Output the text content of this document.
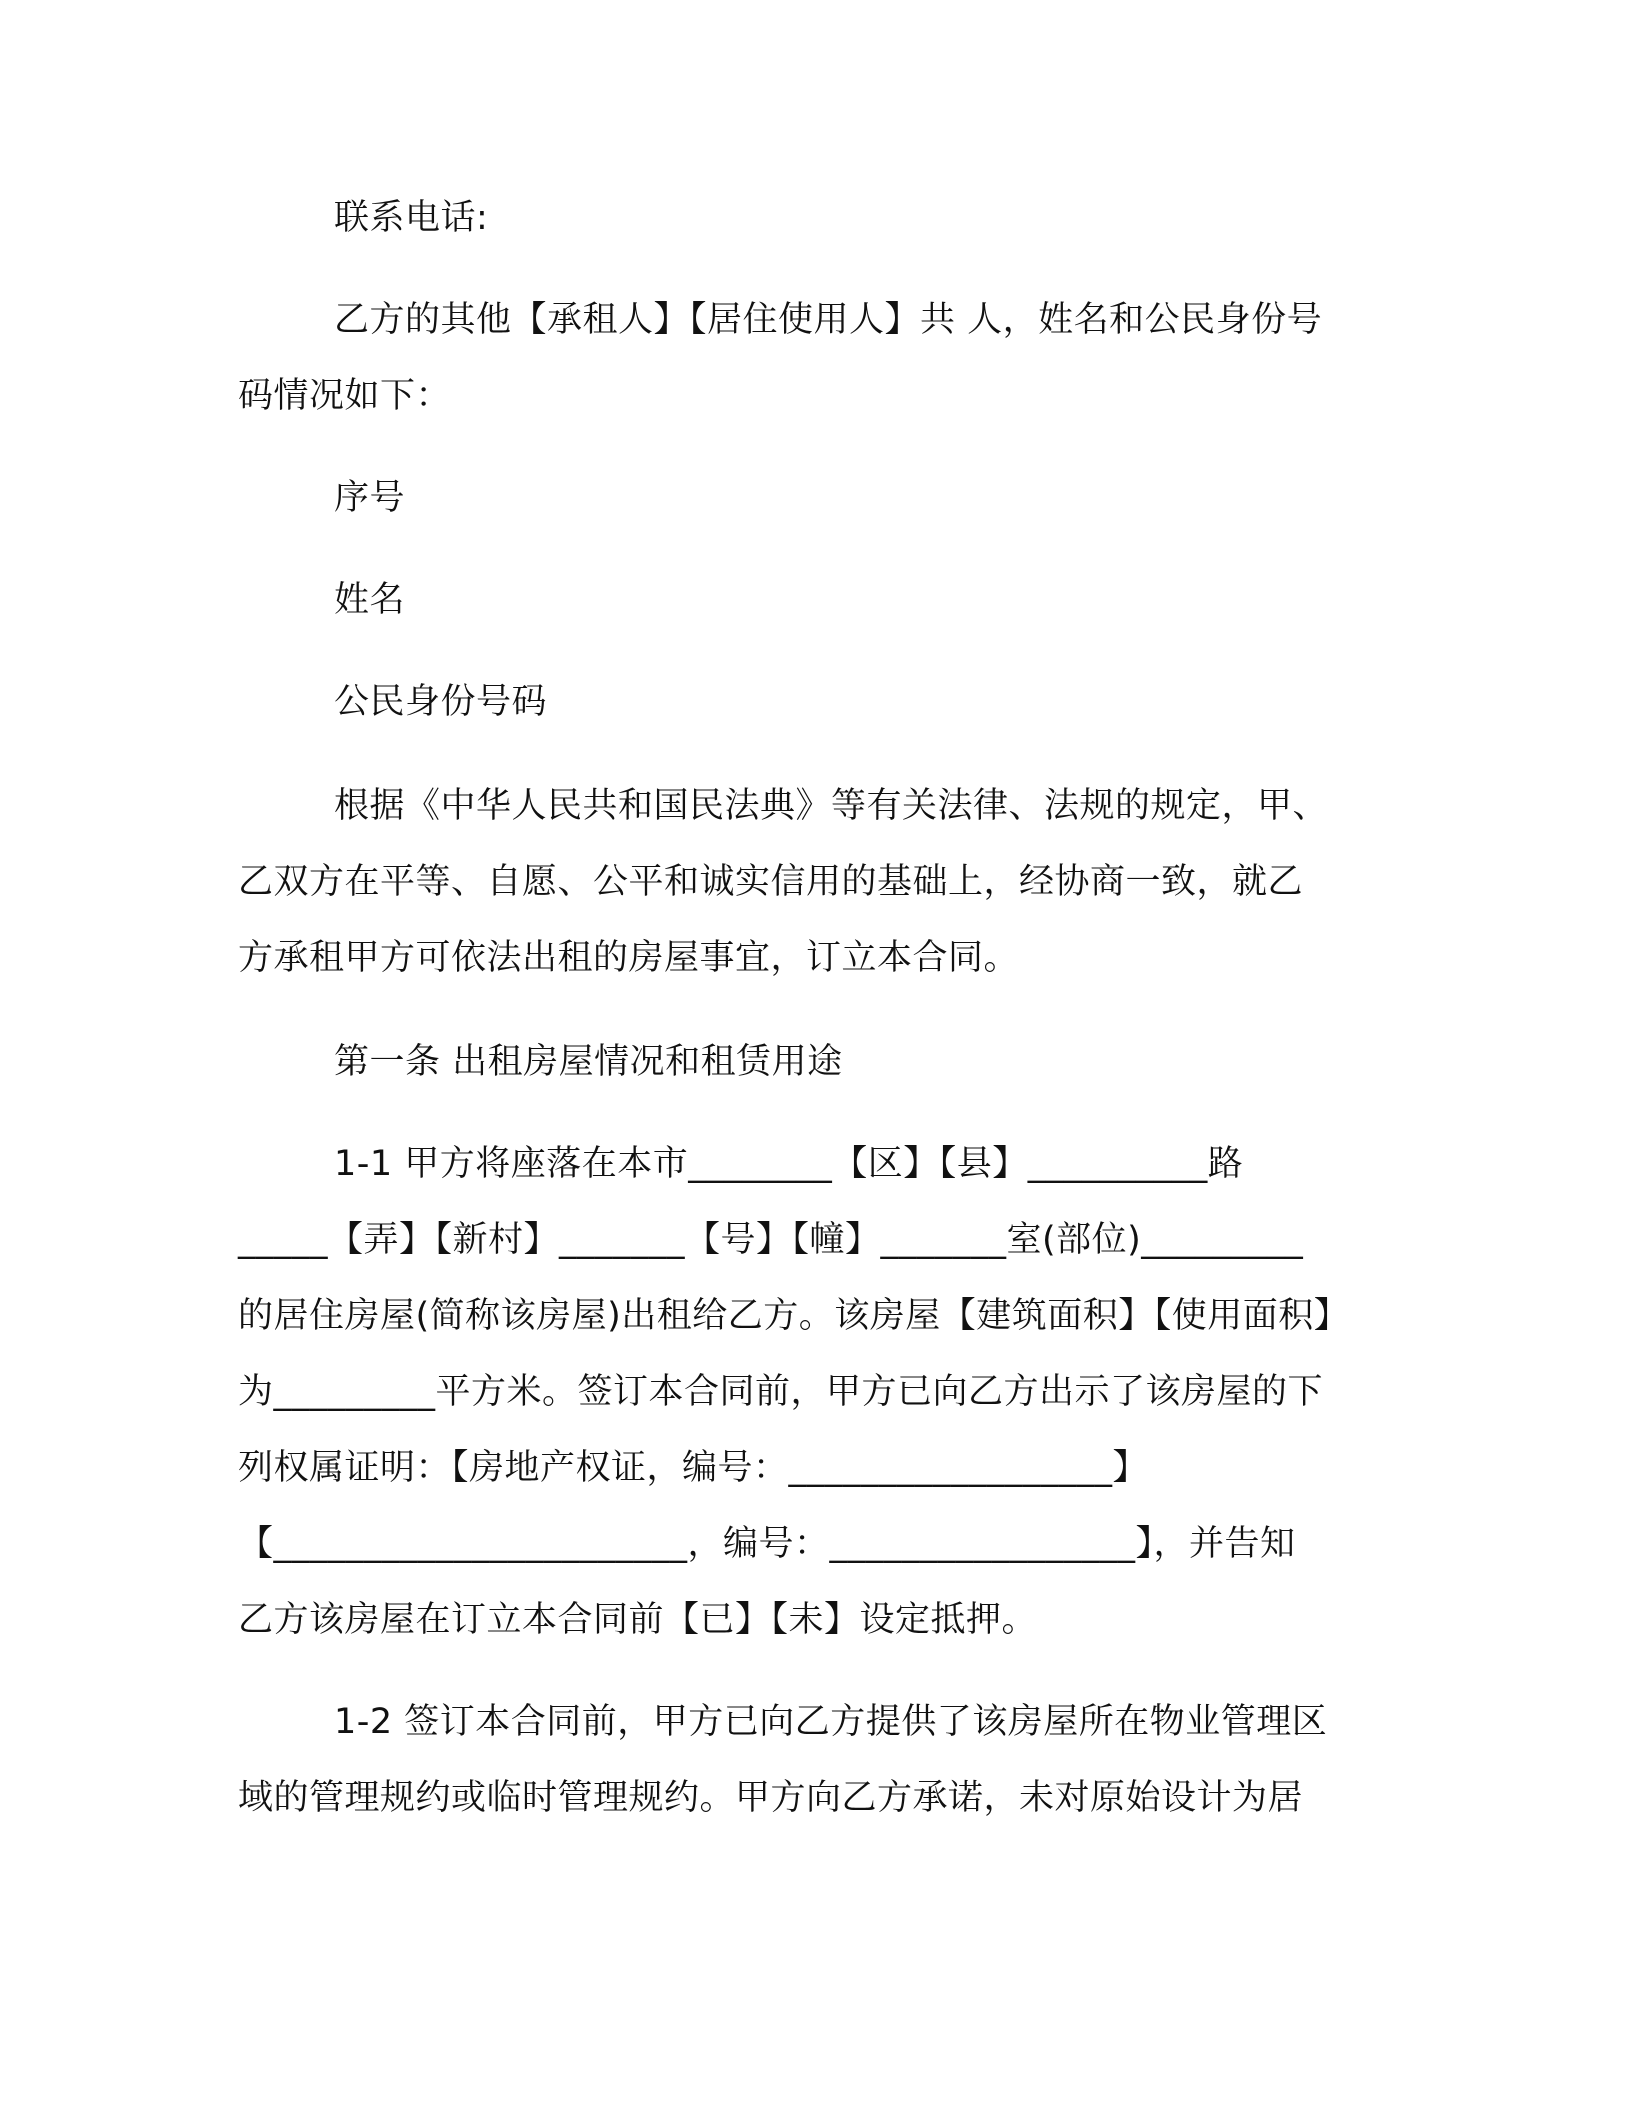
联系电话:

乙方的其他【承租人】【居住使用人】共 人，姓名和公民身份号

码情况如下：

序号

姓名

公民身份号码

根据《中华人民共和国民法典》等有关法律、法规的规定，甲、

乙双方在平等、自愿、公平和诚实信用的基础上，经协商一致，就乙

方承租甲方可依法出租的房屋事宜，订立本合同。

第一条 出租房屋情况和租赁用途

1-1 甲方将座落在本市________【区】【县】__________路

_____【弄】【新村】_______【号】【幢】_______室(部位)_________

的居住房屋(简称该房屋)出租给乙方。该房屋【建筑面积】【使用面积】

为_________平方米。签订本合同前，甲方已向乙方出示了该房屋的下

列权属证明：【房地产权证，编号：__________________】

【_______________________，编号：_________________】，并告知

乙方该房屋在订立本合同前【已】【未】设定抵押。

1-2 签订本合同前，甲方已向乙方提供了该房屋所在物业管理区

域的管理规约或临时管理规约。甲方向乙方承诺，未对原始设计为居
